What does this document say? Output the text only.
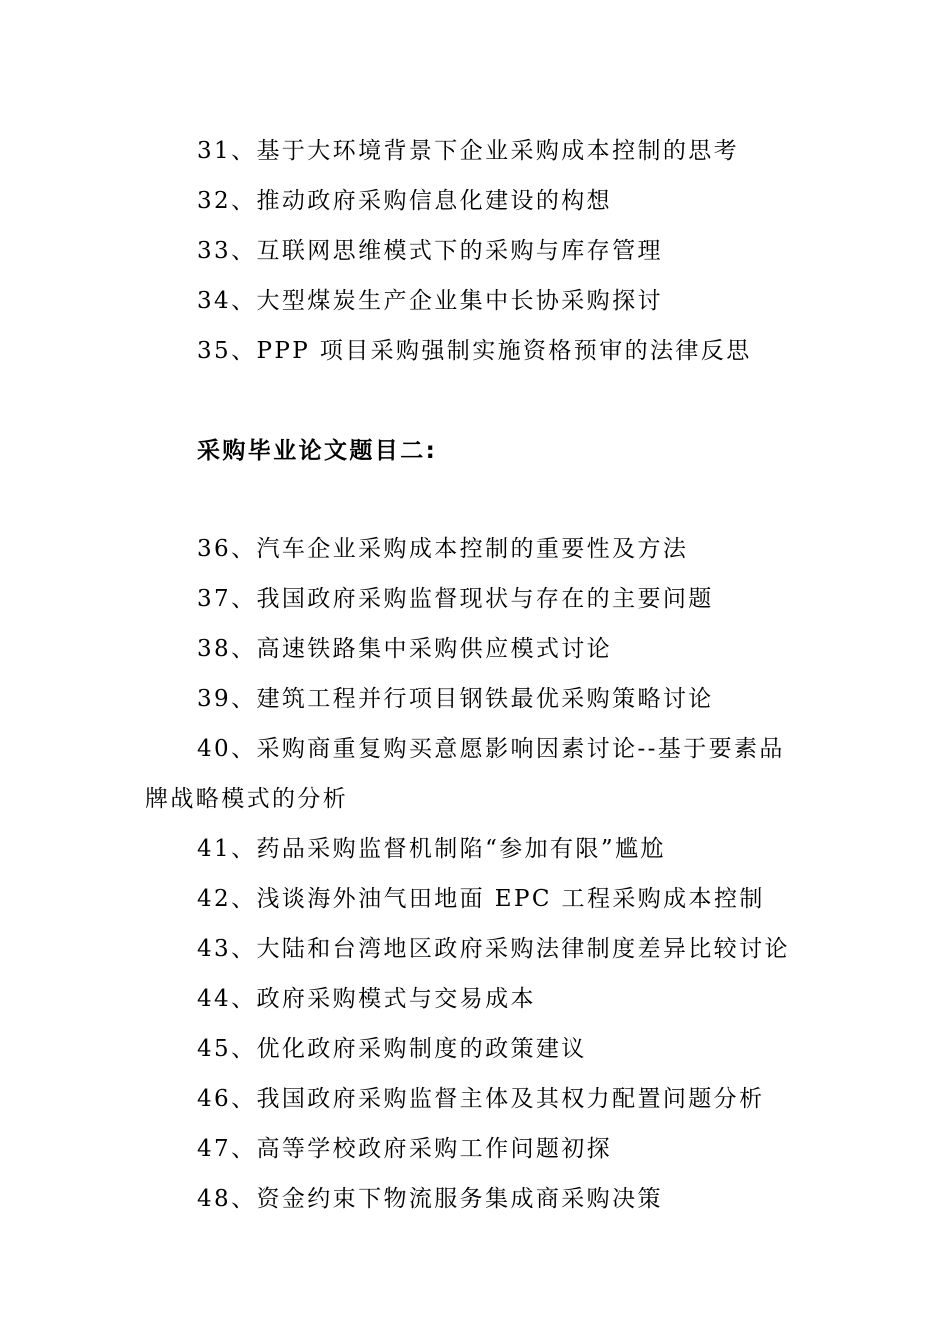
31、基于大环境背景下企业采购成本控制的思考
32、推动政府采购信息化建设的构想
33、互联网思维模式下的采购与库存管理
34、大型煤炭生产企业集中长协采购探讨
35、PPP 项目采购强制实施资格预审的法律反思
采购毕业论文题目二:
36、汽车企业采购成本控制的重要性及方法
37、我国政府采购监督现状与存在的主要问题
38、高速铁路集中采购供应模式讨论
39、建筑工程并行项目钢铁最优采购策略讨论
40、采购商重复购买意愿影响因素讨论--基于要素品牌战略模式的分析
41、药品采购监督机制陷“参加有限”尴尬
42、浅谈海外油气田地面 EPC 工程采购成本控制
43、大陆和台湾地区政府采购法律制度差异比较讨论
44、政府采购模式与交易成本
45、优化政府采购制度的政策建议
46、我国政府采购监督主体及其权力配置问题分析
47、高等学校政府采购工作问题初探
48、资金约束下物流服务集成商采购决策
